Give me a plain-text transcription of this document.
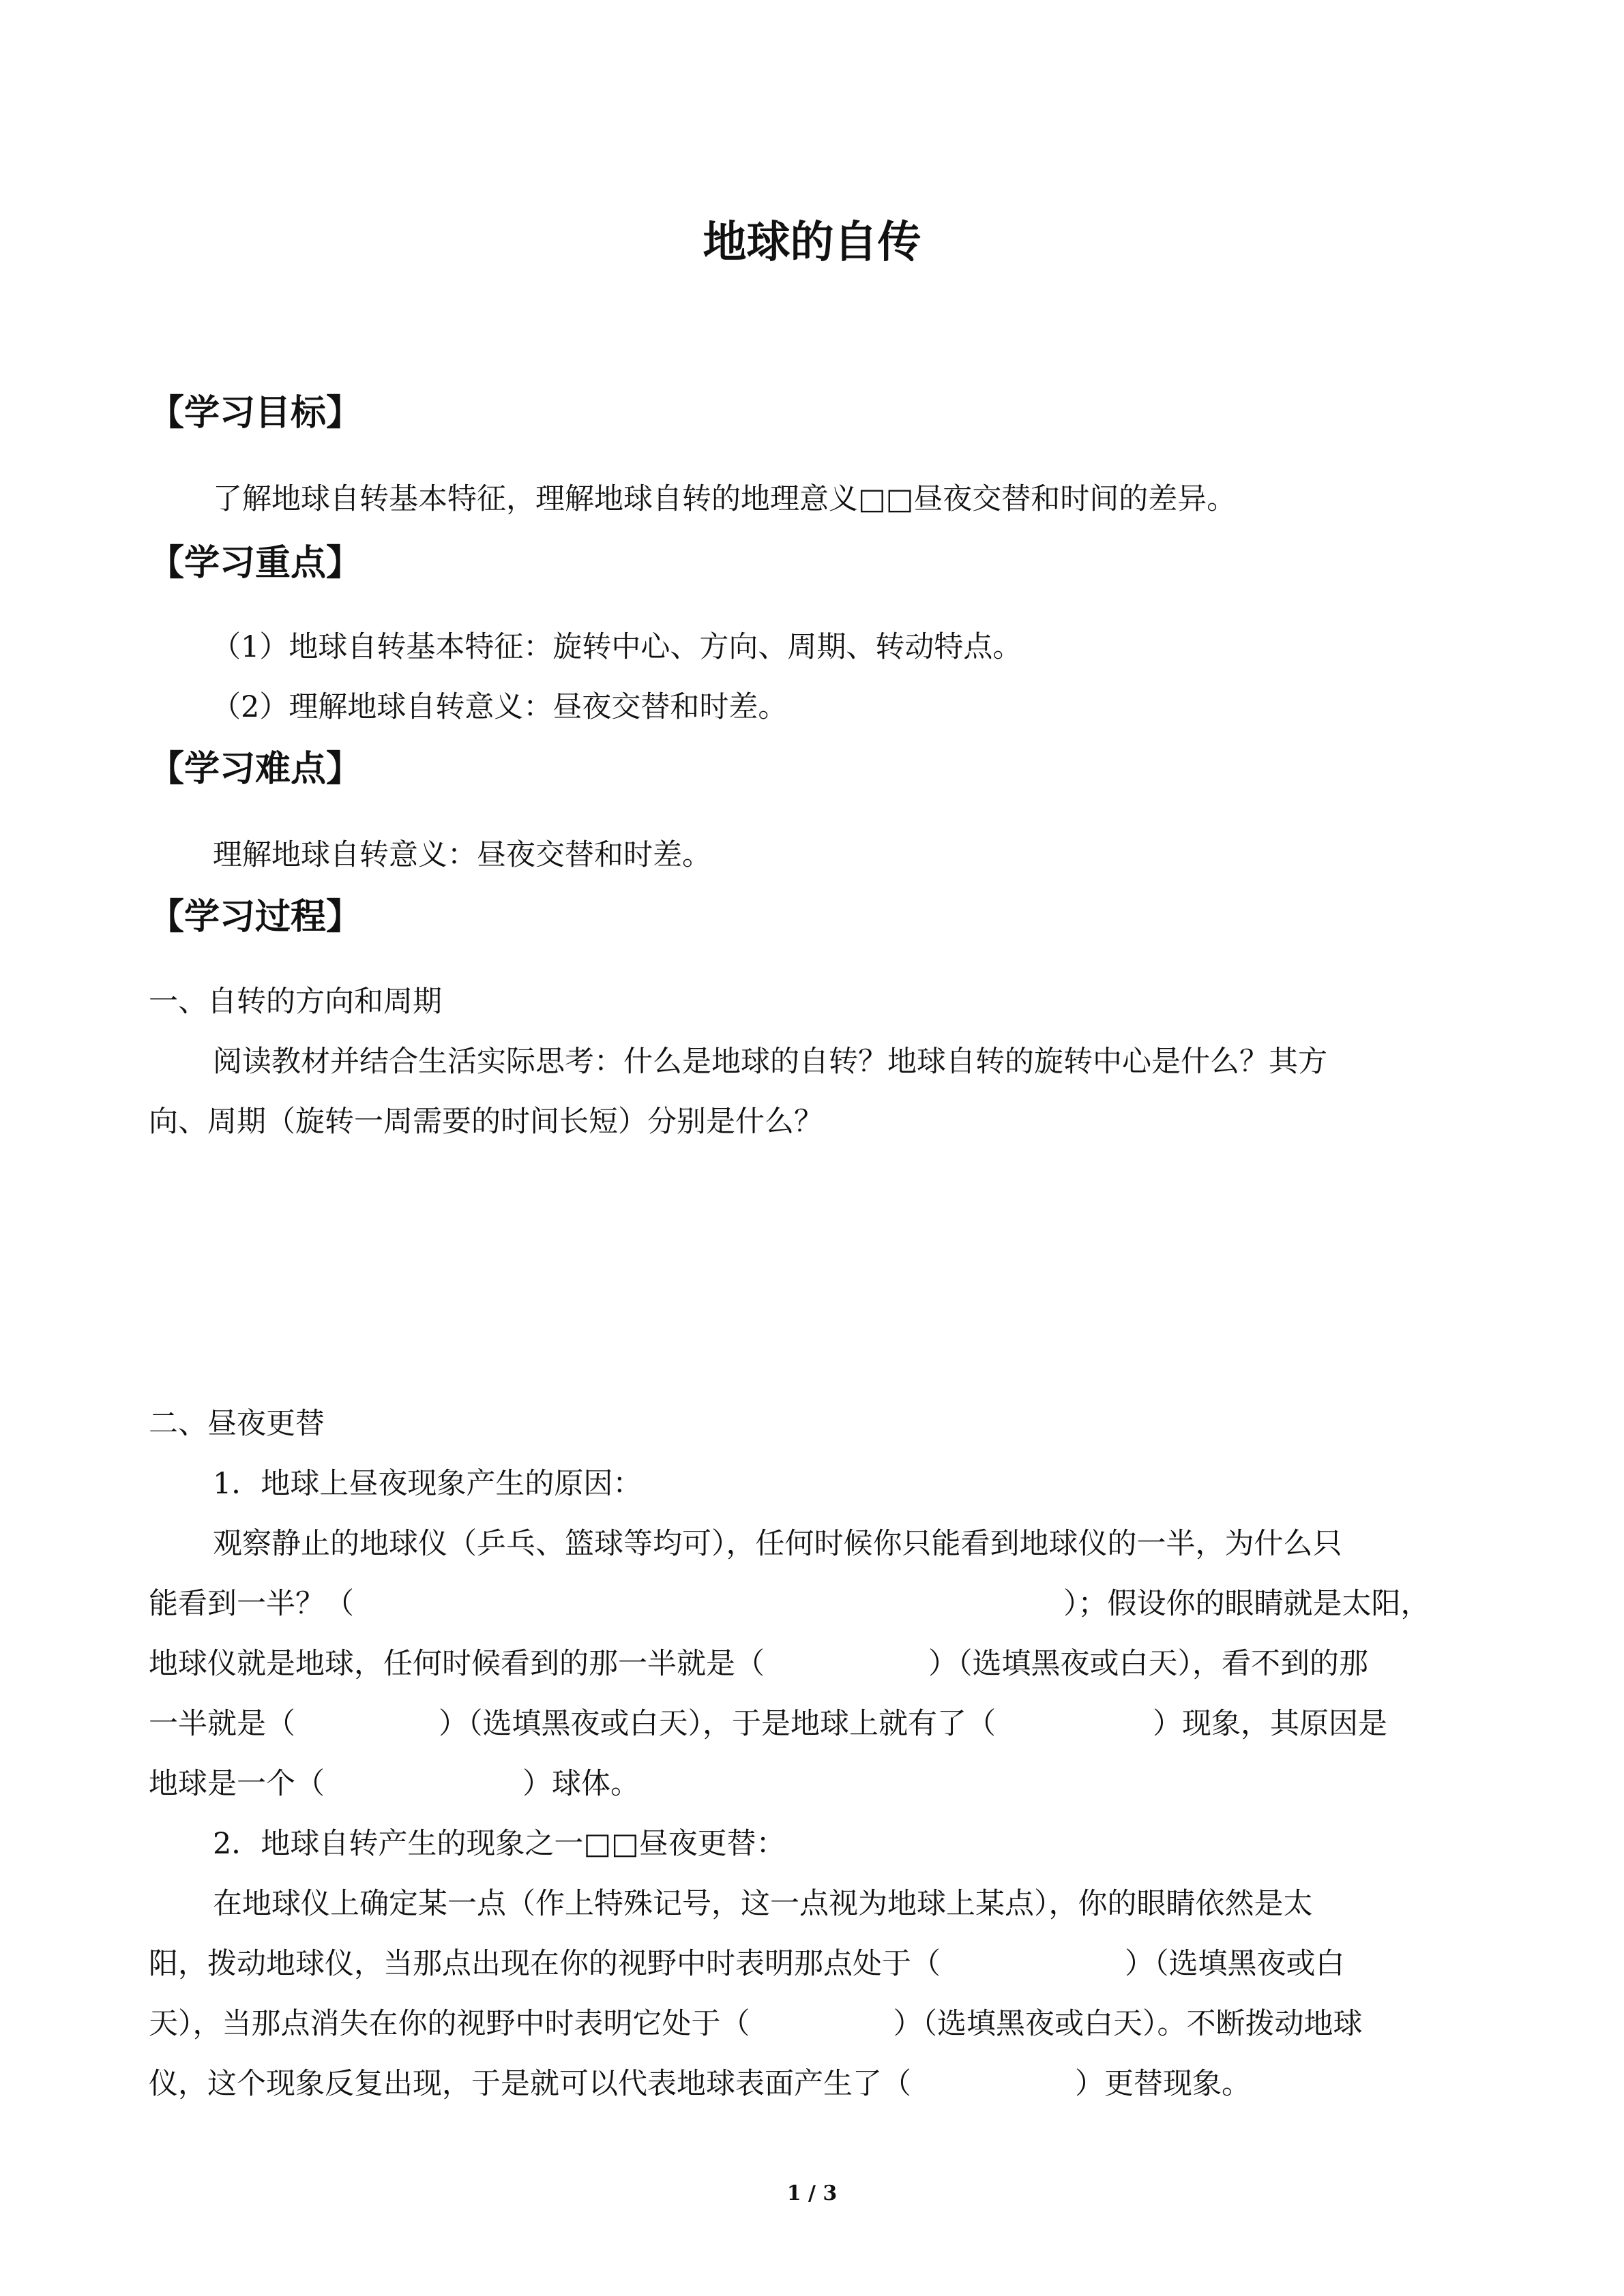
地球的自传
【学习目标】
了解地球自转基本特征，理解地球自转的地理意义□□昼夜交替和时间的差异。
【学习重点】
（1）地球自转基本特征：旋转中心、方向、周期、转动特点。
（2）理解地球自转意义：昼夜交替和时差。
【学习难点】
理解地球自转意义：昼夜交替和时差。
【学习过程】
一、自转的方向和周期
阅读教材并结合生活实际思考：什么是地球的自转？地球自转的旋转中心是什么？其方
向、周期（旋转一周需要的时间长短）分别是什么？
二、昼夜更替
1．地球上昼夜现象产生的原因：
观察静止的地球仪（乒乓、篮球等均可），任何时候你只能看到地球仪的一半，为什么只
能看到一半？（	）；假设你的眼睛就是太阳，
地球仪就是地球，任何时候看到的那一半就是（	）（选填黑夜或白天），看不到的那
一半就是（	）（选填黑夜或白天），于是地球上就有了（	）现象，其原因是
地球是一个（	）球体。
2．地球自转产生的现象之一□□昼夜更替：
在地球仪上确定某一点（作上特殊记号，这一点视为地球上某点），你的眼睛依然是太
阳，拨动地球仪，当那点出现在你的视野中时表明那点处于（	）（选填黑夜或白
天），当那点消失在你的视野中时表明它处于（	）（选填黑夜或白天）。不断拨动地球
仪，这个现象反复出现，于是就可以代表地球表面产生了（	）更替现象。
1 / 3
